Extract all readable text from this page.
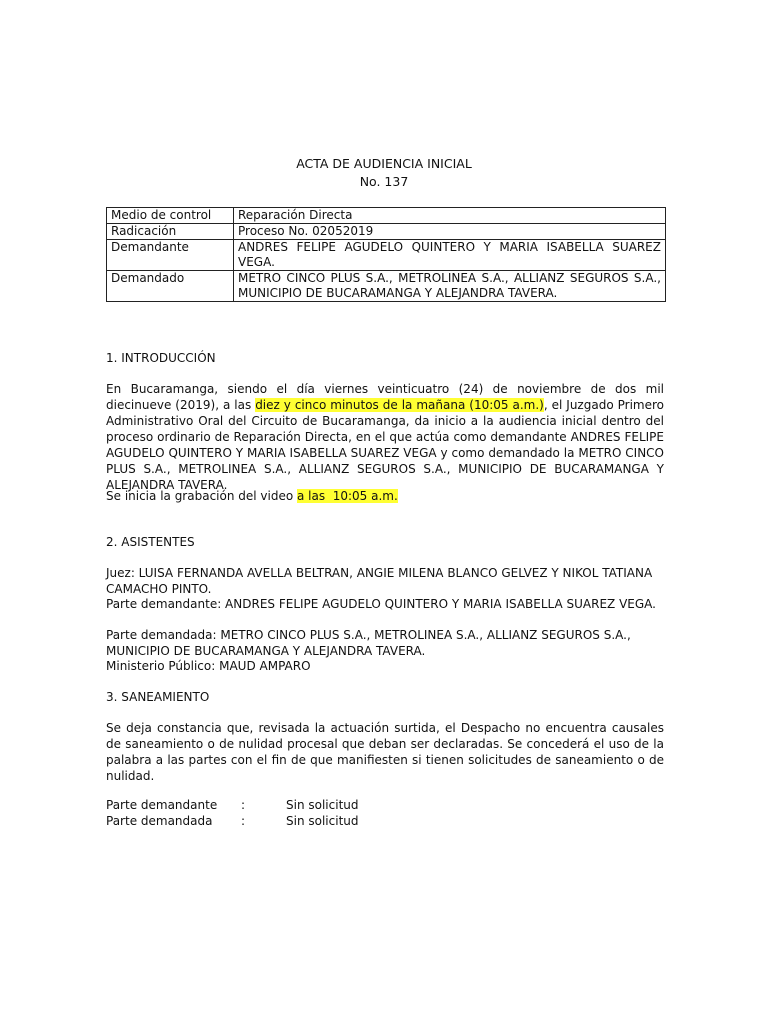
ACTA DE AUDIENCIA INICIAL
No. 137
Medio de control	Reparación Directa
Radicación	Proceso No. 02052019
Demandante	ANDRES FELIPE AGUDELO QUINTERO Y MARIA ISABELLA SUAREZ VEGA.
Demandado	METRO CINCO PLUS S.A., METROLINEA S.A., ALLIANZ SEGUROS S.A., MUNICIPIO DE BUCARAMANGA Y ALEJANDRA TAVERA.
1. INTRODUCCIÓN
En Bucaramanga, siendo el día viernes veinticuatro (24) de noviembre de dos mil diecinueve (2019), a las diez y cinco minutos de la mañana (10:05 a.m.), el Juzgado Primero Administrativo Oral del Circuito de Bucaramanga, da inicio a la audiencia inicial dentro del proceso ordinario de Reparación Directa, en el que actúa como demandante ANDRES FELIPE AGUDELO QUINTERO Y MARIA ISABELLA SUAREZ VEGA y como demandado la METRO CINCO PLUS S.A., METROLINEA S.A., ALLIANZ SEGUROS S.A., MUNICIPIO DE BUCARAMANGA Y ALEJANDRA TAVERA.
Se inicia la grabación del video a las  10:05 a.m.
2. ASISTENTES
Juez: LUISA FERNANDA AVELLA BELTRAN, ANGIE MILENA BLANCO GELVEZ Y NIKOL TATIANA CAMACHO PINTO.
Parte demandante: ANDRES FELIPE AGUDELO QUINTERO Y MARIA ISABELLA SUAREZ VEGA.
Parte demandada: METRO CINCO PLUS S.A., METROLINEA S.A., ALLIANZ SEGUROS S.A., MUNICIPIO DE BUCARAMANGA Y ALEJANDRA TAVERA.
Ministerio Público: MAUD AMPARO
3. SANEAMIENTO
Se deja constancia que, revisada la actuación surtida, el Despacho no encuentra causales de saneamiento o de nulidad procesal que deban ser declaradas. Se concederá el uso de la palabra a las partes con el fin de que manifiesten si tienen solicitudes de saneamiento o de nulidad.
Parte demandante	:	Sin solicitud
Parte demandada	:	Sin solicitud
